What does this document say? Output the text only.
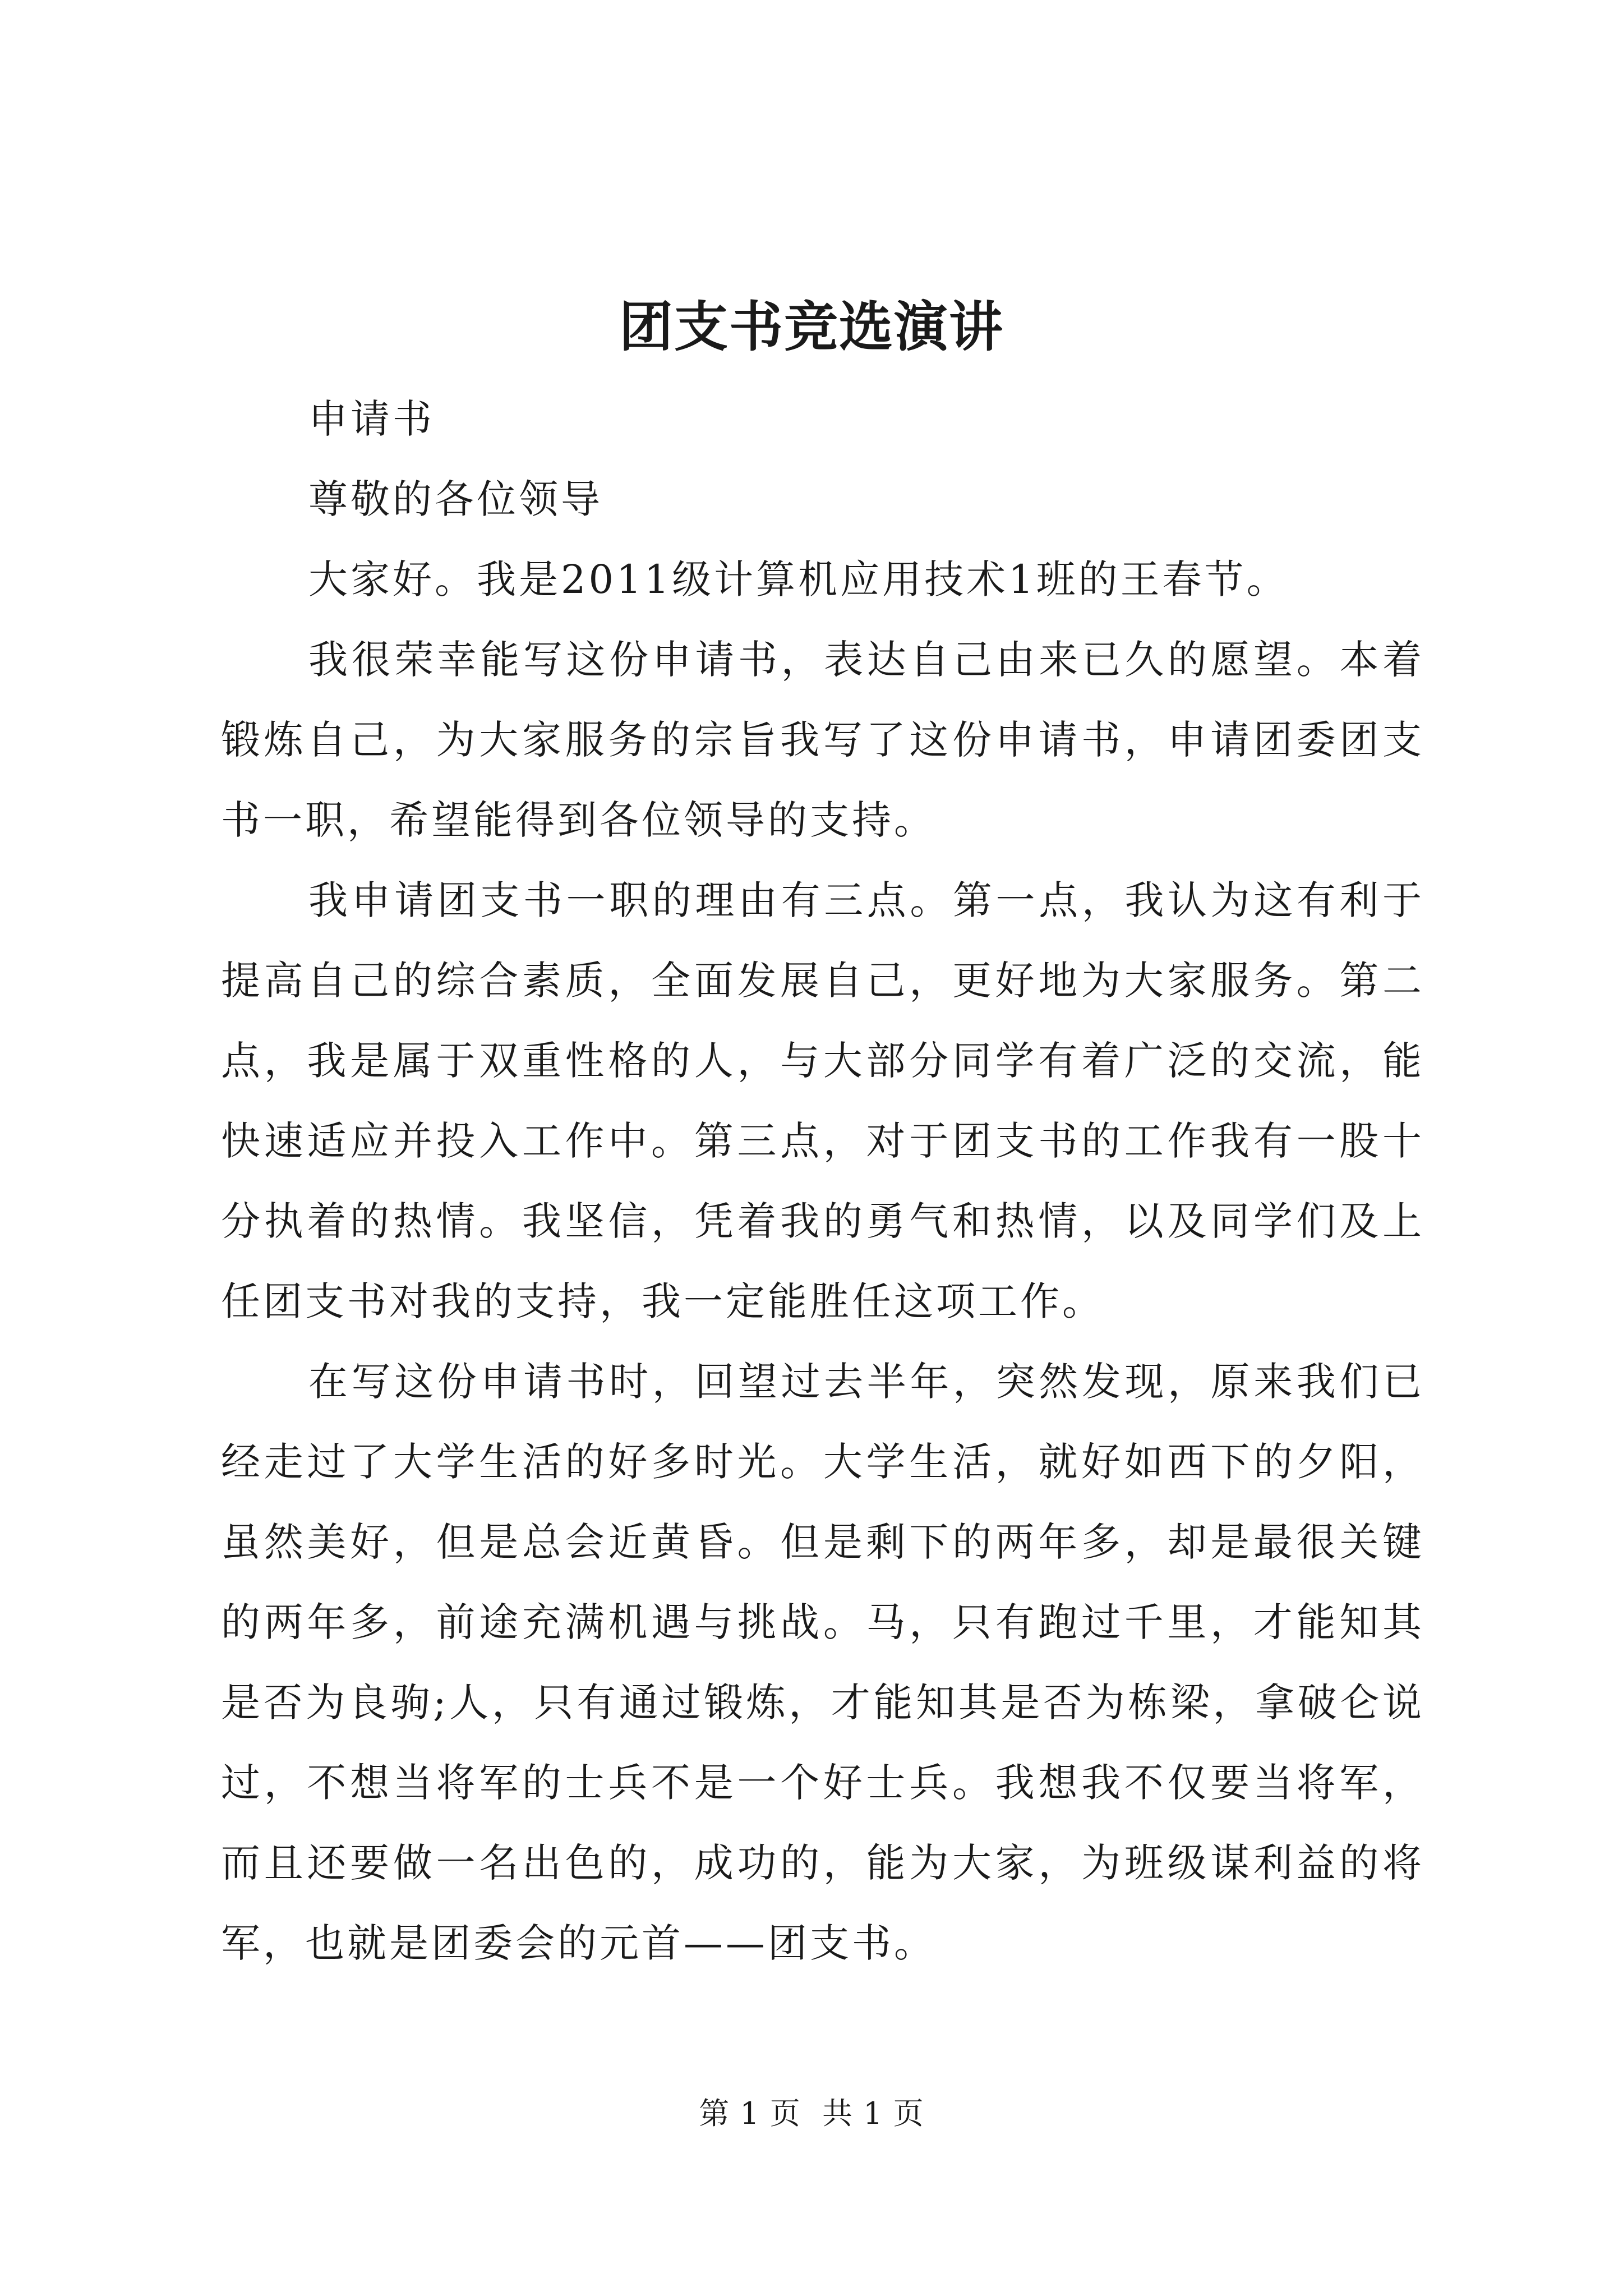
团支书竞选演讲

申请书

尊敬的各位领导

大家好。我是2011级计算机应用技术1班的王春节。

我很荣幸能写这份申请书，表达自己由来已久的愿望。本着锻炼自己，为大家服务的宗旨我写了这份申请书，申请团委团支书一职，希望能得到各位领导的支持。

我申请团支书一职的理由有三点。第一点，我认为这有利于提高自己的综合素质，全面发展自己，更好地为大家服务。第二点，我是属于双重性格的人，与大部分同学有着广泛的交流，能快速适应并投入工作中。第三点，对于团支书的工作我有一股十分执着的热情。我坚信，凭着我的勇气和热情，以及同学们及上任团支书对我的支持，我一定能胜任这项工作。

在写这份申请书时，回望过去半年，突然发现，原来我们已经走过了大学生活的好多时光。大学生活，就好如西下的夕阳，虽然美好，但是总会近黄昏。但是剩下的两年多，却是最很关键的两年多，前途充满机遇与挑战。马，只有跑过千里，才能知其是否为良驹;人，只有通过锻炼，才能知其是否为栋梁，拿破仑说过，不想当将军的士兵不是一个好士兵。我想我不仅要当将军，而且还要做一名出色的，成功的，能为大家，为班级谋利益的将军，也就是团委会的元首——团支书。

第 1 页 共 1 页
